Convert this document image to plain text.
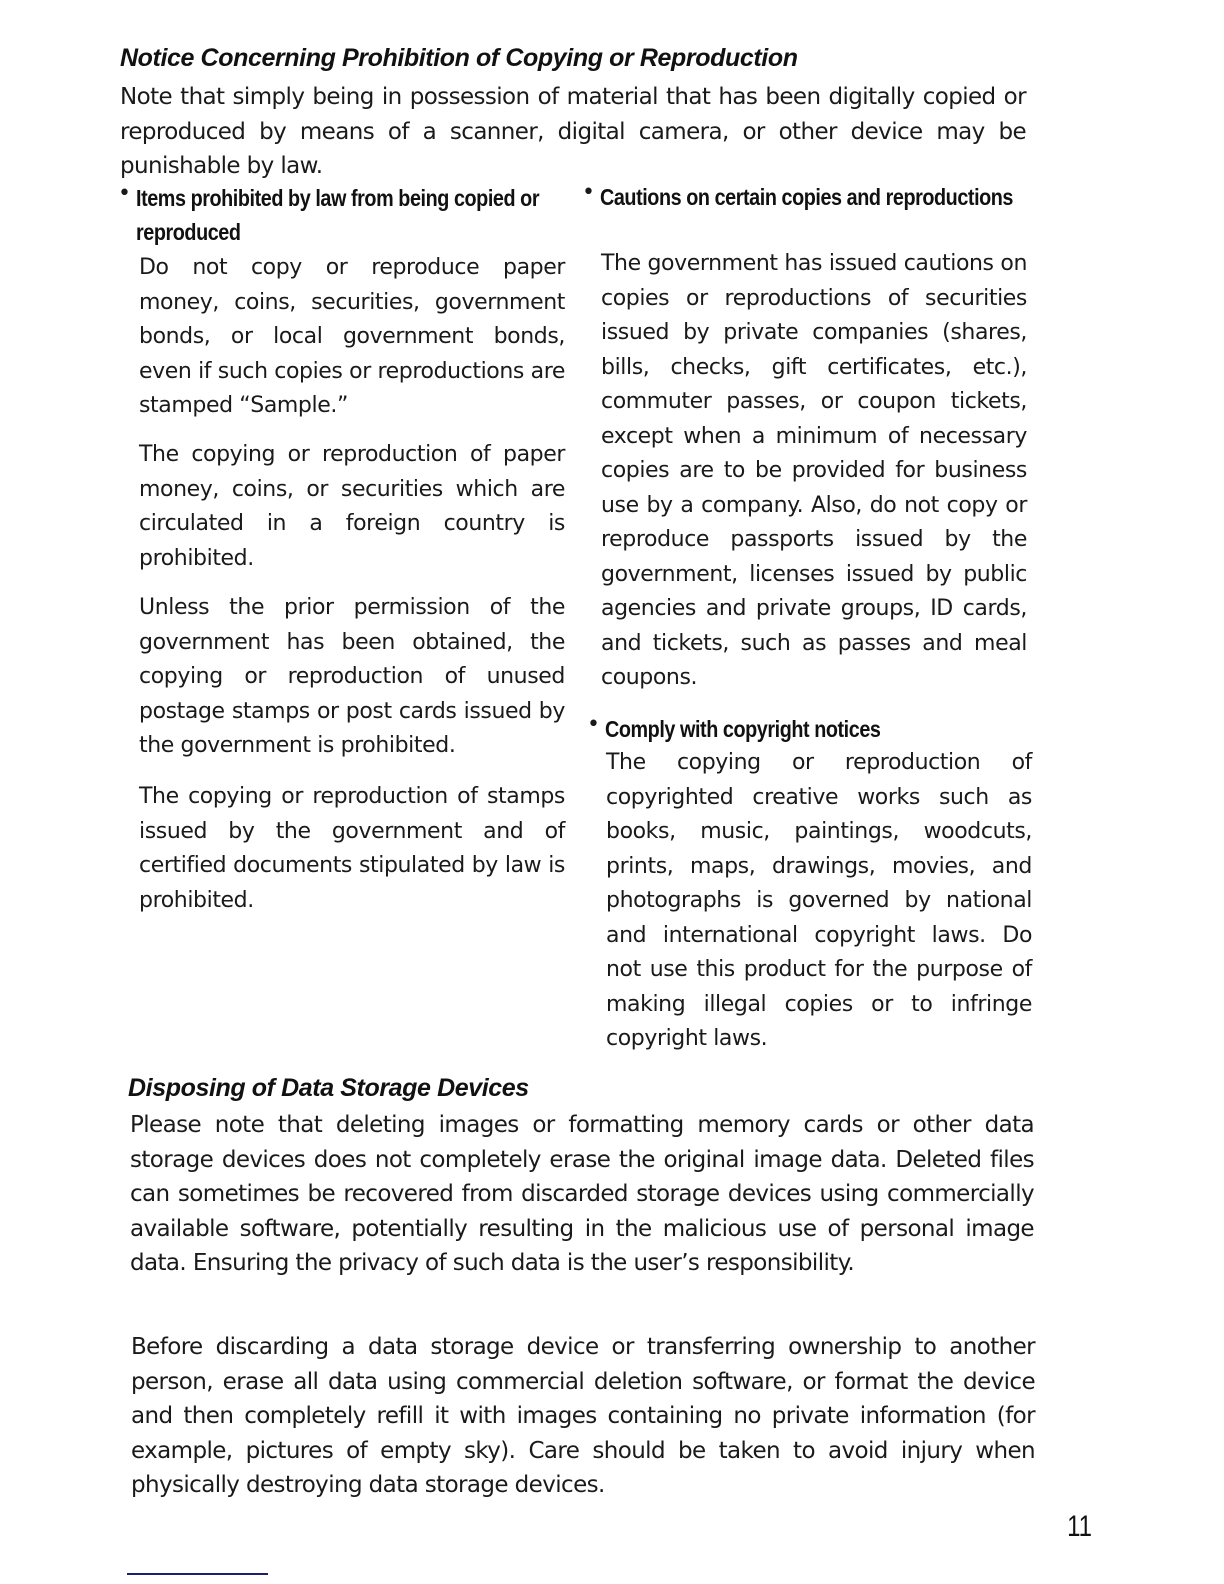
Notice Concerning Prohibition of Copying or Reproduction

Note that simply being in possession of material that has been digitally copied or reproduced by means of a scanner, digital camera, or other device may be punishable by law.

• Items prohibited by law from being copied or reproduced

Do not copy or reproduce paper money, coins, securities, government bonds, or local government bonds, even if such copies or reproductions are stamped “Sample.”

The copying or reproduction of paper money, coins, or securities which are circulated in a foreign country is prohibited.

Unless the prior permission of the government has been obtained, the copying or reproduction of unused postage stamps or post cards issued by the government is prohibited.

The copying or reproduction of stamps issued by the government and of certified documents stipulated by law is prohibited.

• Cautions on certain copies and reproductions

The government has issued cautions on copies or reproductions of securities issued by private companies (shares, bills, checks, gift certificates, etc.), commuter passes, or coupon tickets, except when a minimum of necessary copies are to be provided for business use by a company. Also, do not copy or reproduce passports issued by the government, licenses issued by public agencies and private groups, ID cards, and tickets, such as passes and meal coupons.

• Comply with copyright notices

The copying or reproduction of copyrighted creative works such as books, music, paintings, woodcuts, prints, maps, drawings, movies, and photographs is governed by national and international copyright laws. Do not use this product for the purpose of making illegal copies or to infringe copyright laws.

Disposing of Data Storage Devices

Please note that deleting images or formatting memory cards or other data storage devices does not completely erase the original image data. Deleted files can sometimes be recovered from discarded storage devices using commercially available software, potentially resulting in the malicious use of personal image data. Ensuring the privacy of such data is the user’s responsibility.

Before discarding a data storage device or transferring ownership to another person, erase all data using commercial deletion software, or format the device and then completely refill it with images containing no private information (for example, pictures of empty sky). Care should be taken to avoid injury when physically destroying data storage devices.

11
